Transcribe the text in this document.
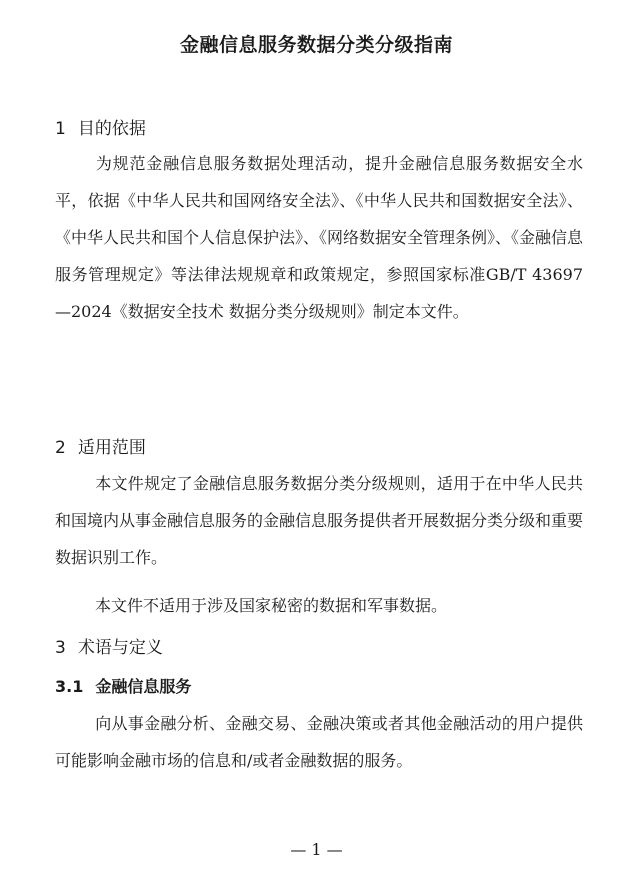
金融信息服务数据分类分级指南
1 目的依据
为规范金融信息服务数据处理活动，提升金融信息服务数据安全水平，依据《中华人民共和国网络安全法》、《中华人民共和国数据安全法》、《中华人民共和国个人信息保护法》、《网络数据安全管理条例》、《金融信息服务管理规定》等法律法规规章和政策规定，参照国家标准GB/T 43697—2024《数据安全技术 数据分类分级规则》制定本文件。
2 适用范围
本文件规定了金融信息服务数据分类分级规则，适用于在中华人民共和国境内从事金融信息服务的金融信息服务提供者开展数据分类分级和重要数据识别工作。
本文件不适用于涉及国家秘密的数据和军事数据。
3 术语与定义
3.1 金融信息服务
向从事金融分析、金融交易、金融决策或者其他金融活动的用户提供可能影响金融市场的信息和/或者金融数据的服务。
— 1 —
